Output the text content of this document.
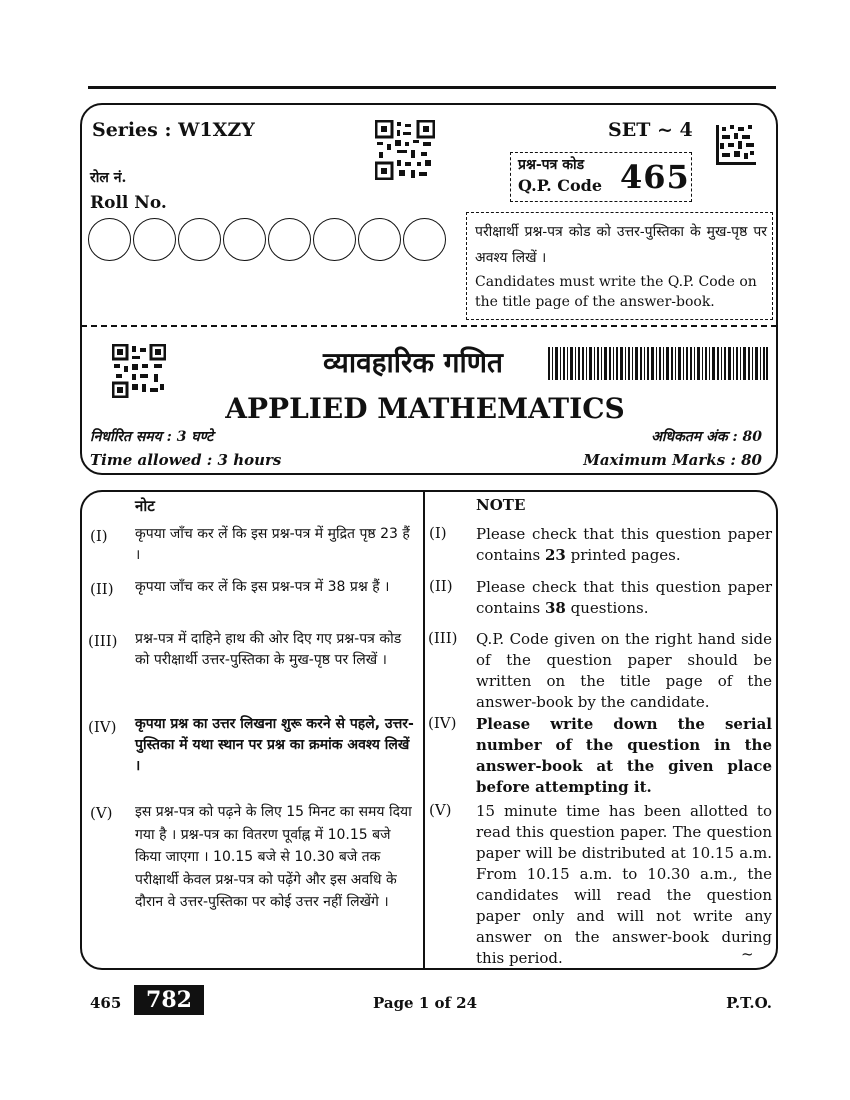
Series : W1XZY	SET ~ 4
रोल नं.
Roll No.
प्रश्न-पत्र कोड
Q.P. Code 465
परीक्षार्थी प्रश्न-पत्र कोड को उत्तर-पुस्तिका के मुख-पृष्ठ पर अवश्य लिखें ।
Candidates must write the Q.P. Code on the title page of the answer-book.
व्यावहारिक गणित
APPLIED MATHEMATICS
निर्धारित समय : 3 घण्टे
Time allowed : 3 hours
अधिकतम अंक : 80
Maximum Marks : 80
नोट	NOTE
(I) कृपया जाँच कर लें कि इस प्रश्न-पत्र में मुद्रित पृष्ठ 23 हैं ।
(I) Please check that this question paper contains 23 printed pages.
(II) कृपया जाँच कर लें कि इस प्रश्न-पत्र में 38 प्रश्न हैं ।	(II) Please check that this question paper contains 38 questions.
(III) प्रश्न-पत्र में दाहिने हाथ की ओर दिए गए प्रश्न-पत्र कोड को परीक्षार्थी उत्तर-पुस्तिका के मुख-पृष्ठ पर लिखें ।
(III) Q.P. Code given on the right hand side of the question paper should be written on the title page of the answer-book by the candidate.
(IV) कृपया प्रश्न का उत्तर लिखना शुरू करने से पहले, उत्तर-पुस्तिका में यथा स्थान पर प्रश्न का क्रमांक अवश्य लिखें ।
(IV) Please write down the serial number of the question in the answer-book at the given place before attempting it.
(V) इस प्रश्न-पत्र को पढ़ने के लिए 15 मिनट का समय दिया गया है । प्रश्न-पत्र का वितरण पूर्वाह्न में 10.15 बजे किया जाएगा । 10.15 बजे से 10.30 बजे तक परीक्षार्थी केवल प्रश्न-पत्र को पढ़ेंगे और इस अवधि के दौरान वे उत्तर-पुस्तिका पर कोई उत्तर नहीं लिखेंगे ।
(V) 15 minute time has been allotted to read this question paper. The question paper will be distributed at 10.15 a.m. From 10.15 a.m. to 10.30 a.m., the candidates will read the question paper only and will not write any answer on the answer-book during this period.	~
465	782	Page 1 of 24	P.T.O.
